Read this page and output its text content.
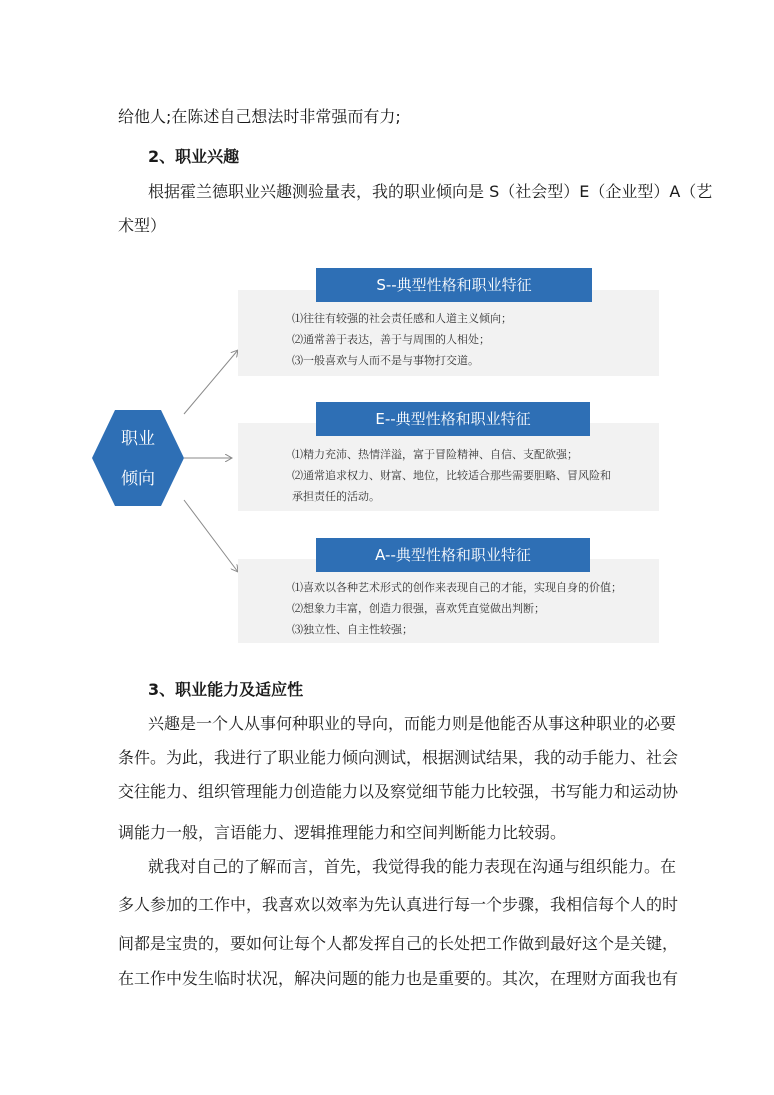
给他人;在陈述自己想法时非常强而有力;
2、职业兴趣
根据霍兰德职业兴趣测验量表，我的职业倾向是 S（社会型）E（企业型）A（艺
术型）
职业
倾向
S--典型性格和职业特征
⑴往往有较强的社会责任感和人道主义倾向；
⑵通常善于表达，善于与周围的人相处；
⑶一般喜欢与人而不是与事物打交道。
E--典型性格和职业特征
⑴精力充沛、热情洋溢，富于冒险精神、自信、支配欲强；
⑵通常追求权力、财富、地位，比较适合那些需要胆略、冒风险和
承担责任的活动。
A--典型性格和职业特征
⑴喜欢以各种艺术形式的创作来表现自己的才能，实现自身的价值；
⑵想象力丰富，创造力很强，喜欢凭直觉做出判断；
⑶独立性、自主性较强；
3、职业能力及适应性
兴趣是一个人从事何种职业的导向，而能力则是他能否从事这种职业的必要
条件。为此，我进行了职业能力倾向测试，根据测试结果，我的动手能力、社会
交往能力、组织管理能力创造能力以及察觉细节能力比较强，书写能力和运动协
调能力一般，言语能力、逻辑推理能力和空间判断能力比较弱。
就我对自己的了解而言，首先，我觉得我的能力表现在沟通与组织能力。在
多人参加的工作中，我喜欢以效率为先认真进行每一个步骤，我相信每个人的时
间都是宝贵的，要如何让每个人都发挥自己的长处把工作做到最好这个是关键，
在工作中发生临时状况，解决问题的能力也是重要的。其次，在理财方面我也有
